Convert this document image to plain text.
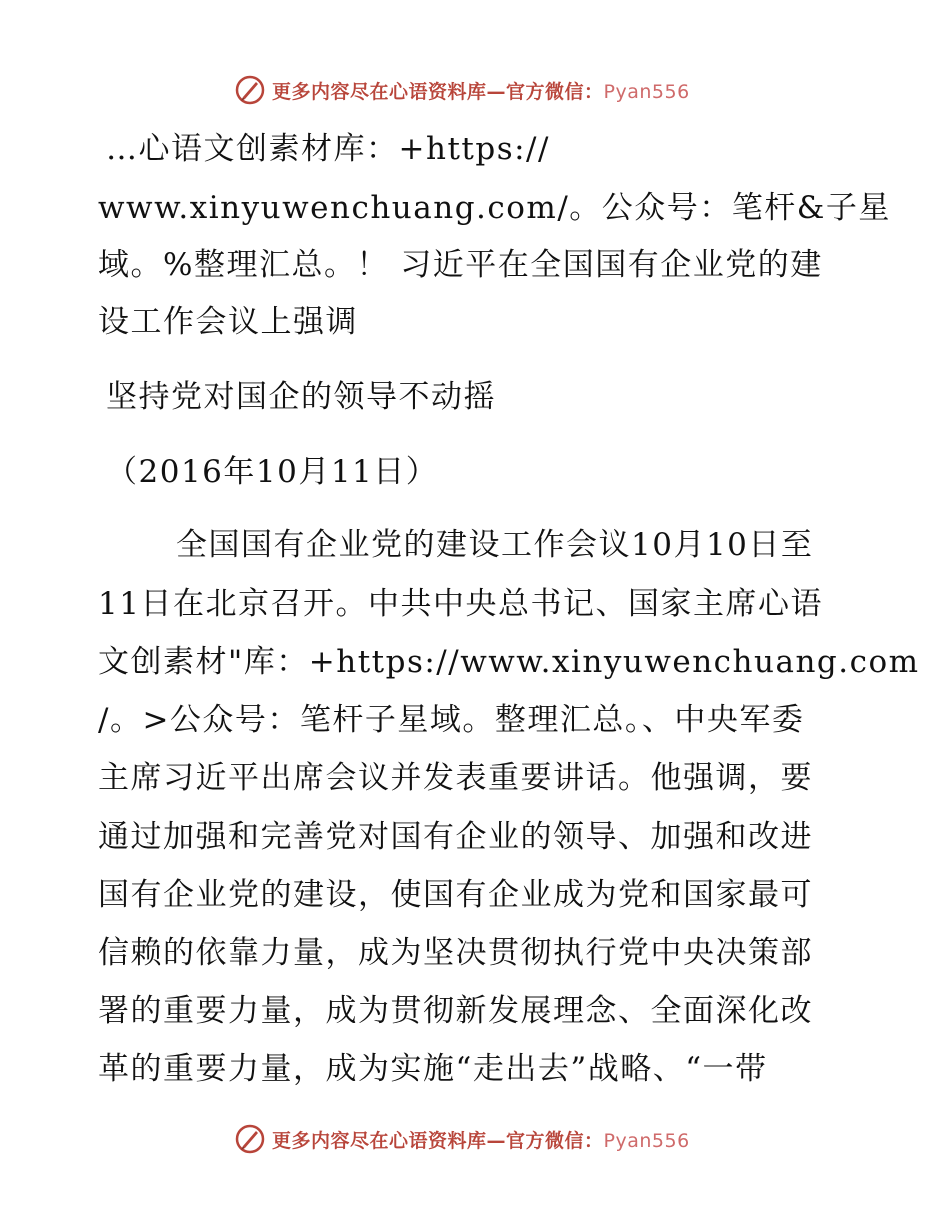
更多内容尽在心语资料库—官方微信：Pyan556
…心语文创素材库：+https://
www.xinyuwenchuang.com/。公众号：笔杆&子星
域。%整理汇总。！ 习近平在全国国有企业党的建
设工作会议上强调
坚持党对国企的领导不动摇
（2016年10月11日）
全国国有企业党的建设工作会议10月10日至
11日在北京召开。中共中央总书记、国家主席心语
文创素材"库：+https://www.xinyuwenchuang.com
/。>公众号：笔杆子星域。整理汇总。、中央军委
主席习近平出席会议并发表重要讲话。他强调，要
通过加强和完善党对国有企业的领导、加强和改进
国有企业党的建设，使国有企业成为党和国家最可
信赖的依靠力量，成为坚决贯彻执行党中央决策部
署的重要力量，成为贯彻新发展理念、全面深化改
革的重要力量，成为实施“走出去”战略、“一带
更多内容尽在心语资料库—官方微信：Pyan556
